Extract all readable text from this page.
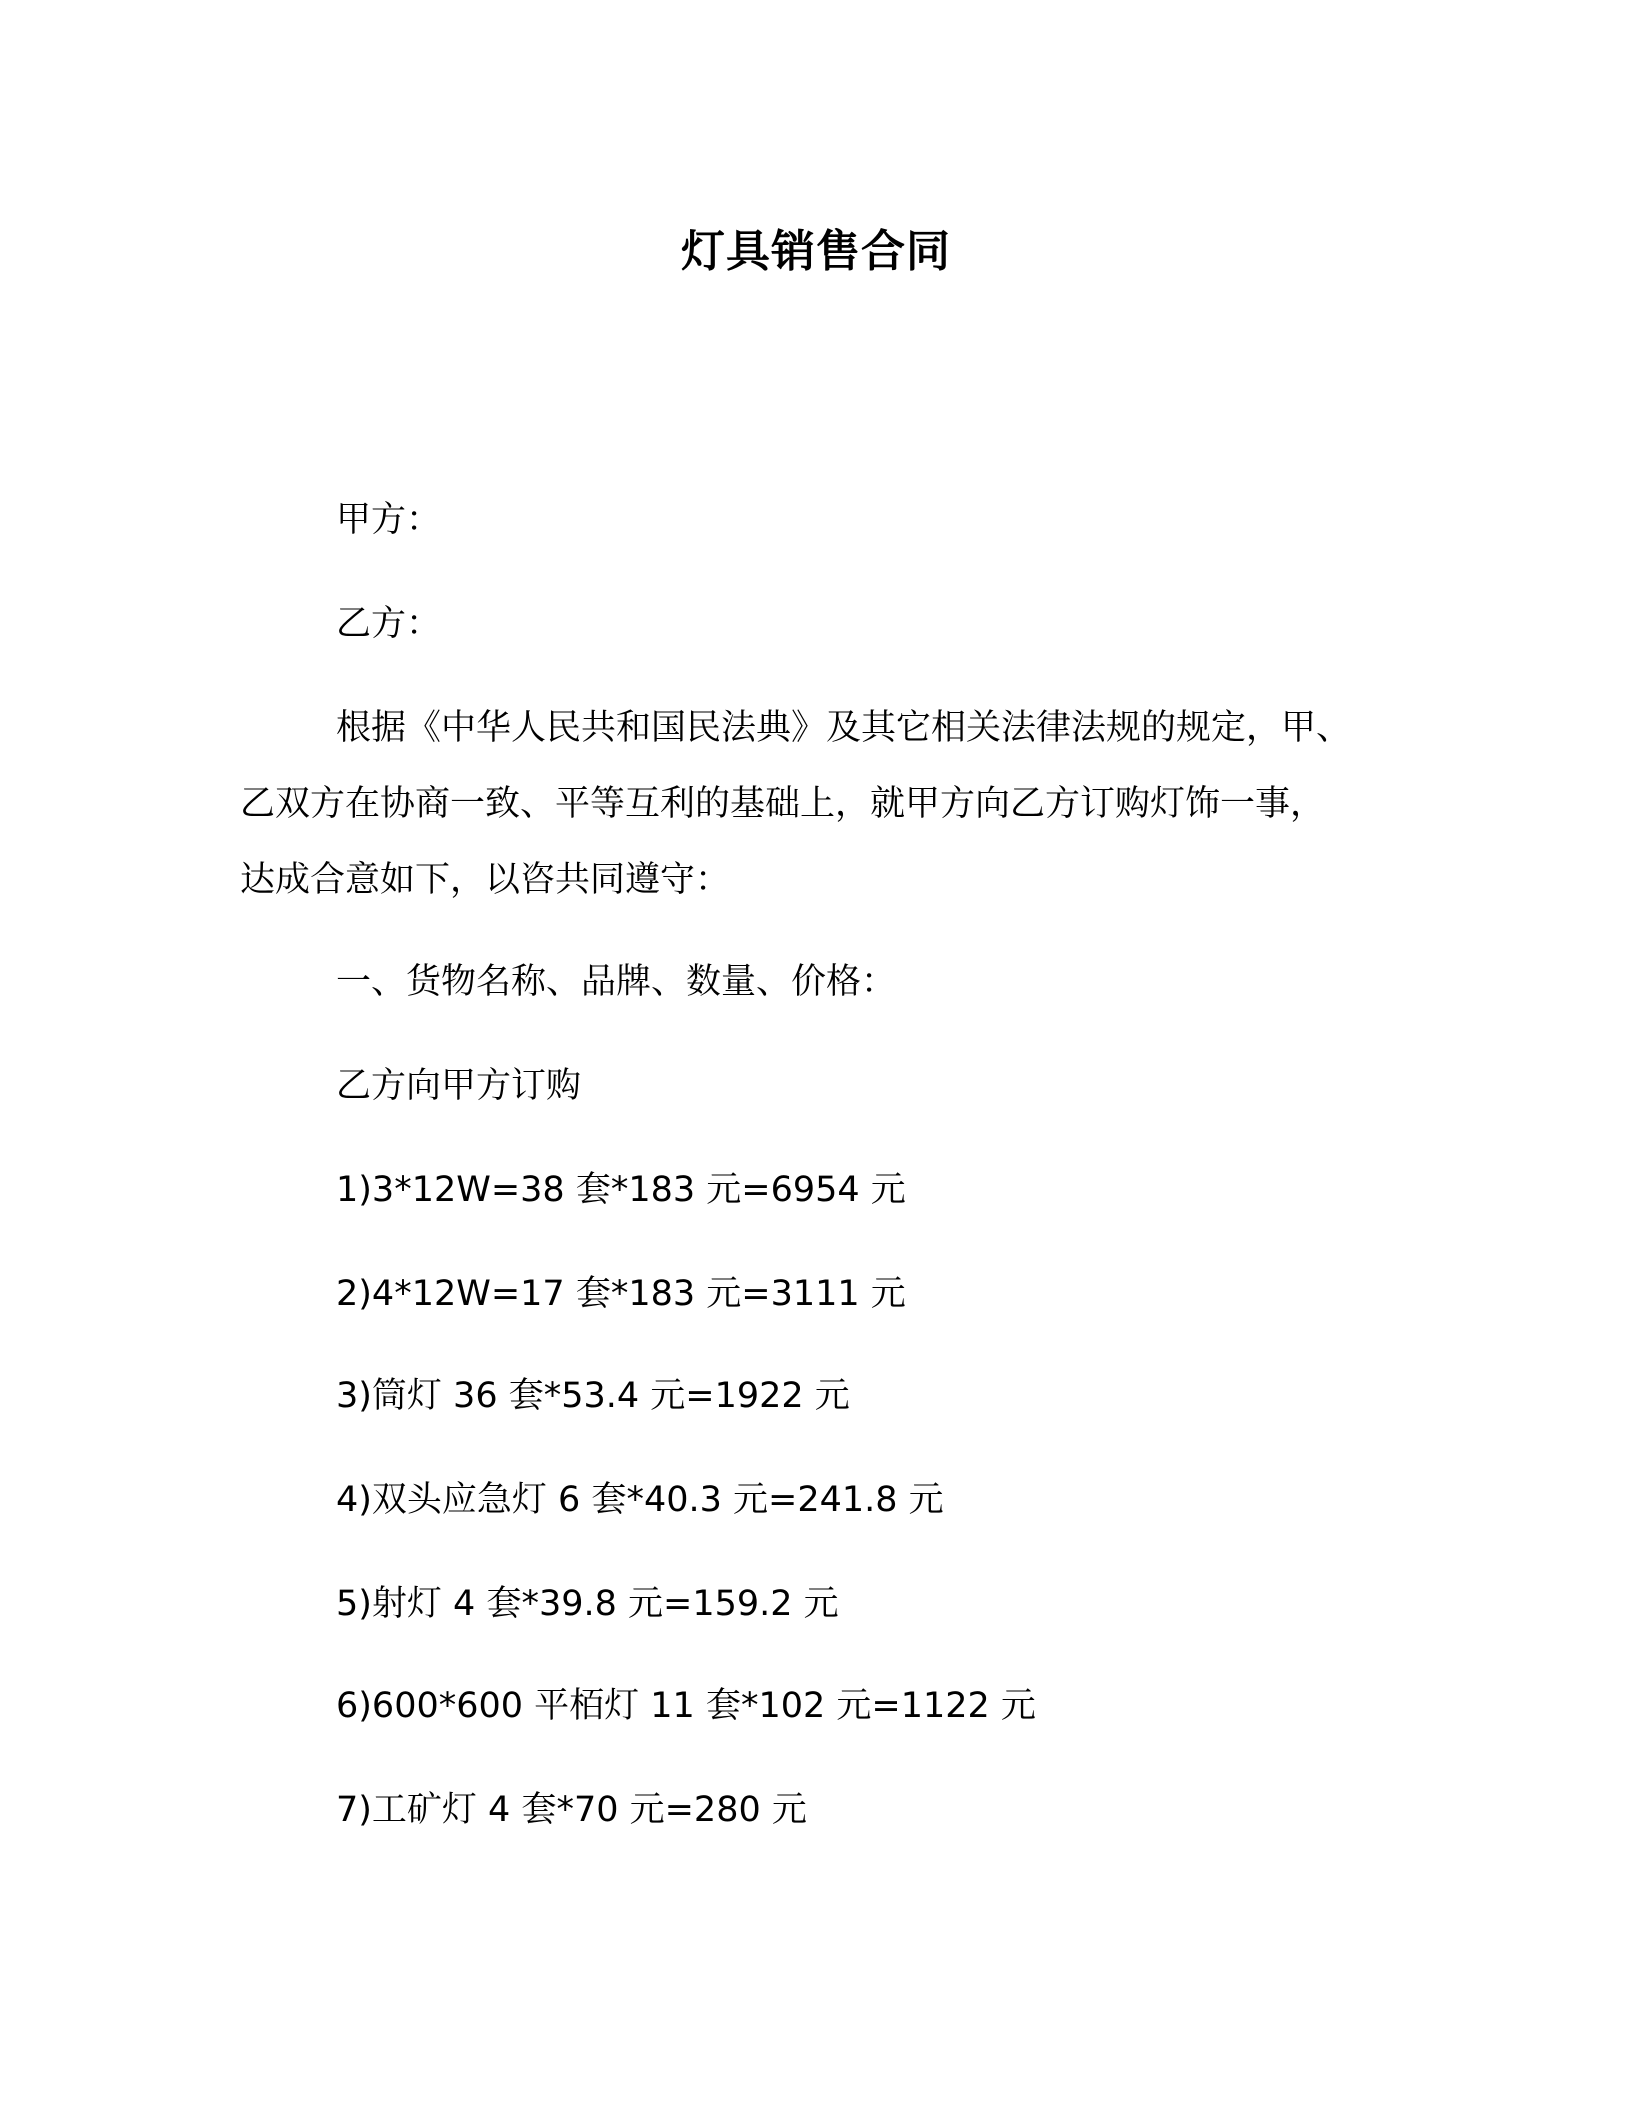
灯具销售合同
甲方：
乙方：
根据《中华人民共和国民法典》及其它相关法律法规的规定，甲、
乙双方在协商一致、平等互利的基础上，就甲方向乙方订购灯饰一事，
达成合意如下，以咨共同遵守：
一、货物名称、品牌、数量、价格：
乙方向甲方订购
1)3*12W=38 套*183 元=6954 元
2)4*12W=17 套*183 元=3111 元
3)筒灯 36 套*53.4 元=1922 元
4)双头应急灯 6 套*40.3 元=241.8 元
5)射灯 4 套*39.8 元=159.2 元
6)600*600 平栢灯 11 套*102 元=1122 元
7)工矿灯 4 套*70 元=280 元
